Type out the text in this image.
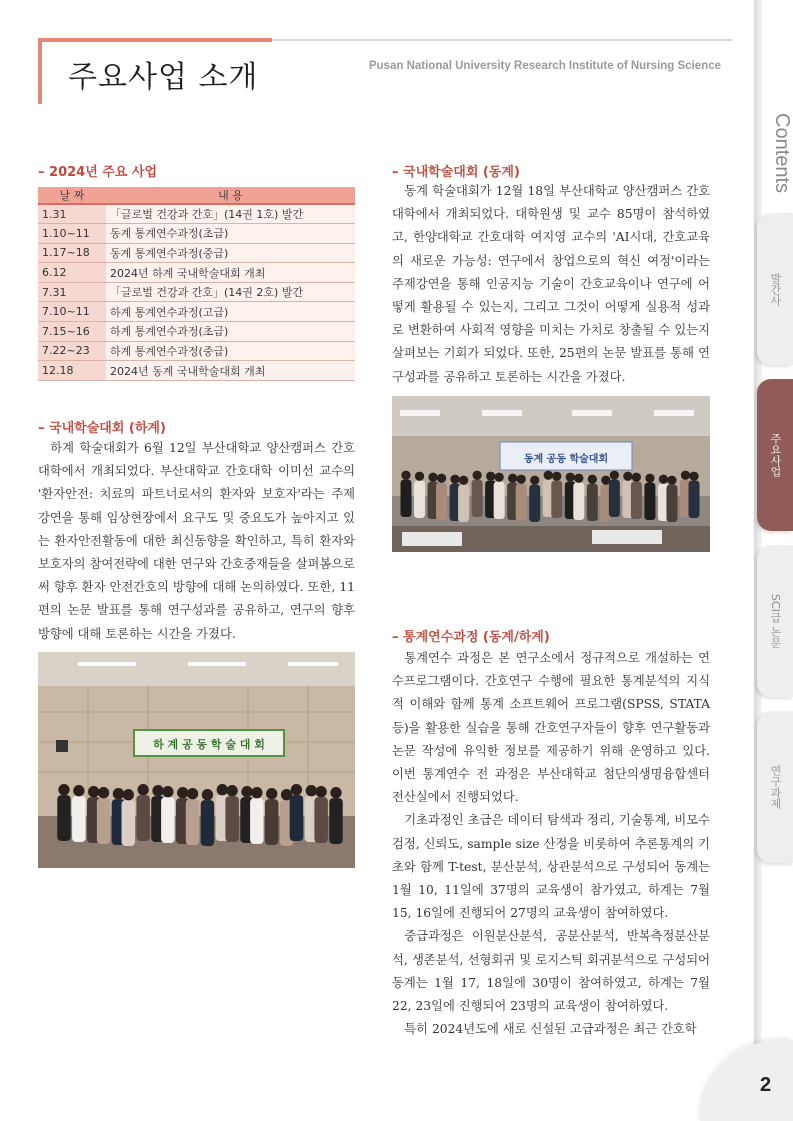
주요사업 소개	Pusan National University Research Institute of Nursing Science
Contents
발간사
주요사업
SCI급 논문
연구과제
2
– 2024년 주요 사업
날 짜	내 용
1.31	「글로벌 건강과 간호」(14권 1호) 발간
1.10~11	동계 통계연수과정(초급)
1.17~18	동계 통계연수과정(중급)
6.12	2024년 하계 국내학술대회 개최
7.31	「글로벌 건강과 간호」(14권 2호) 발간
7.10~11	하계 통계연수과정(고급)
7.15~16	하계 통계연수과정(초급)
7.22~23	하계 통계연수과정(중급)
12.18	2024년 동계 국내학술대회 개최
– 국내학술대회 (하계)

하계 학술대회가 6월 12일 부산대학교 양산캠퍼스 간호대학에서 개최되었다. 부산대학교 간호대학 이미선 교수의 '환자안전: 치료의 파트너로서의 환자와 보호자'라는 주제 강연을 통해 임상현장에서 요구도 및 중요도가 높아지고 있는 환자안전활동에 대한 최신동향을 확인하고, 특히 환자와 보호자의 참여전략에 대한 연구와 간호중재들을 살펴봄으로써 향후 환자 안전간호의 방향에 대해 논의하였다. 또한, 11편의 논문 발표를 통해 연구성과를 공유하고, 연구의 향후 방향에 대해 토론하는 시간을 가졌다.

하 계 공 동 학 술 대 회
– 국내학술대회 (동계)

동계 학술대회가 12월 18일 부산대학교 양산캠퍼스 간호대학에서 개최되었다. 대학원생 및 교수 85명이 참석하였고, 한양대학교 간호대학 여지영 교수의 'AI시대, 간호교육의 새로운 가능성: 연구에서 창업으로의 혁신 여정'이라는 주제강연을 통해 인공지능 기술이 간호교육이나 연구에 어떻게 활용될 수 있는지, 그리고 그것이 어떻게 실용적 성과로 변환하여 사회적 영향을 미치는 가치로 창출될 수 있는지 살펴보는 기회가 되었다. 또한, 25편의 논문 발표를 통해 연구성과를 공유하고 토론하는 시간을 가졌다.

동계 공동 학술대회
– 통계연수과정 (동계/하계)

통계연수 과정은 본 연구소에서 정규적으로 개설하는 연수프로그램이다. 간호연구 수행에 필요한 통계분석의 지식적 이해와 함께 통계 소프트웨어 프로그램(SPSS, STATA 등)을 활용한 실습을 통해 간호연구자들이 향후 연구활동과 논문 작성에 유익한 정보를 제공하기 위해 운영하고 있다. 이번 통계연수 전 과정은 부산대학교 첨단의생명융합센터 전산실에서 진행되었다.

기초과정인 초급은 데이터 탐색과 정리, 기술통계, 비모수 검정, 신뢰도, sample size 산정을 비롯하여 추론통계의 기초와 함께 T-test, 분산분석, 상관분석으로 구성되어 동계는 1월 10, 11일에 37명의 교육생이 참가였고, 하계는 7월 15, 16일에 진행되어 27명의 교육생이 참여하였다.

중급과정은 이원분산분석, 공분산분석, 반복측정분산분석, 생존분석, 선형회귀 및 로지스틱 회귀분석으로 구성되어 동계는 1월 17, 18일에 30명이 참여하였고, 하계는 7월 22, 23일에 진행되어 23명의 교육생이 참여하였다.

특히 2024년도에 새로 신설된 고급과정은 최근 간호학
